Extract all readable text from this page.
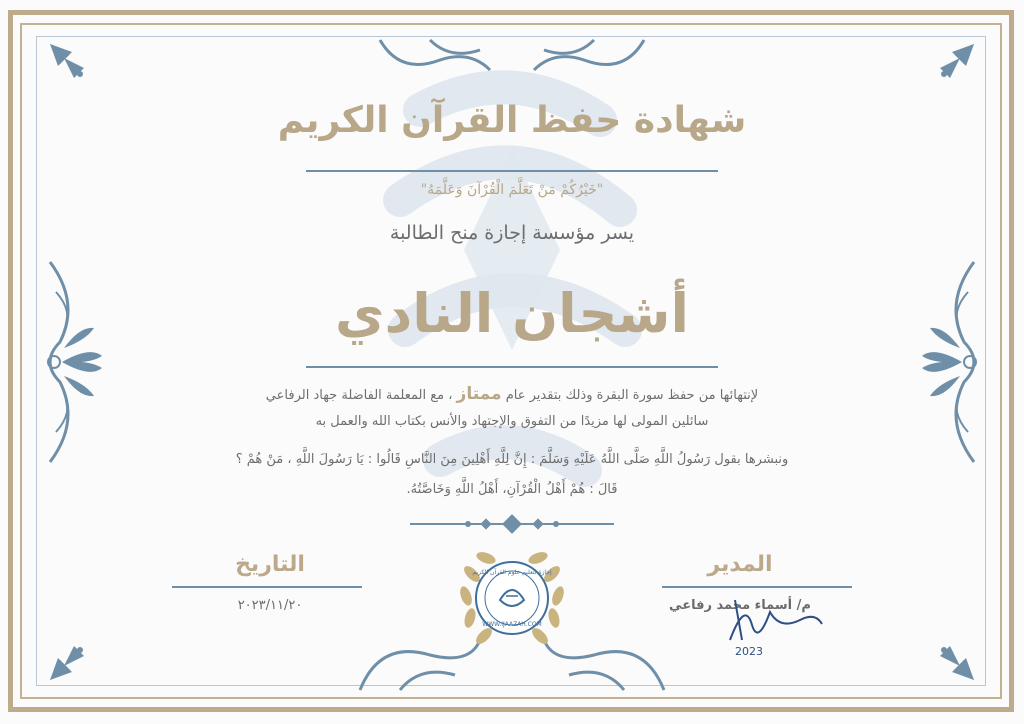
شهادة حفظ القرآن الكريم
"خَيْرُكُمْ مَنْ تَعَلَّمَ الْقُرْآنَ وَعَلَّمَهُ"
يسر مؤسسة إجازة منح الطالبة
أشجان النادي
لإنتهائها من حفظ سورة البقرة وذلك بتقدير عام ممتاز ، مع المعلمة الفاضلة جهاد الرفاعي
سائلين المولى لها مزيدًا من التفوق والإجتهاد والأنس بكتاب الله والعمل به
ونبشرها بقول رَسُولُ اللَّهِ صَلَّى اللَّهُ عَلَيْهِ وَسَلَّمَ : إِنَّ لِلَّهِ أَهْلِينَ مِنَ النَّاسِ قَالُوا : يَا رَسُولَ اللَّهِ ، مَنْ هُمْ ؟
قَالَ : هُمْ أَهْلُ الْقُرْآنِ، أَهْلُ اللَّهِ وَخَاصَّتُهُ.
التاريخ
٢٠٢٣/١١/٢٠
المدير
م/ أسماء محمد رفاعي
2023
إجازة لتعليم علوم القرآن الكريم
WWW.IJAAZAH.COM
